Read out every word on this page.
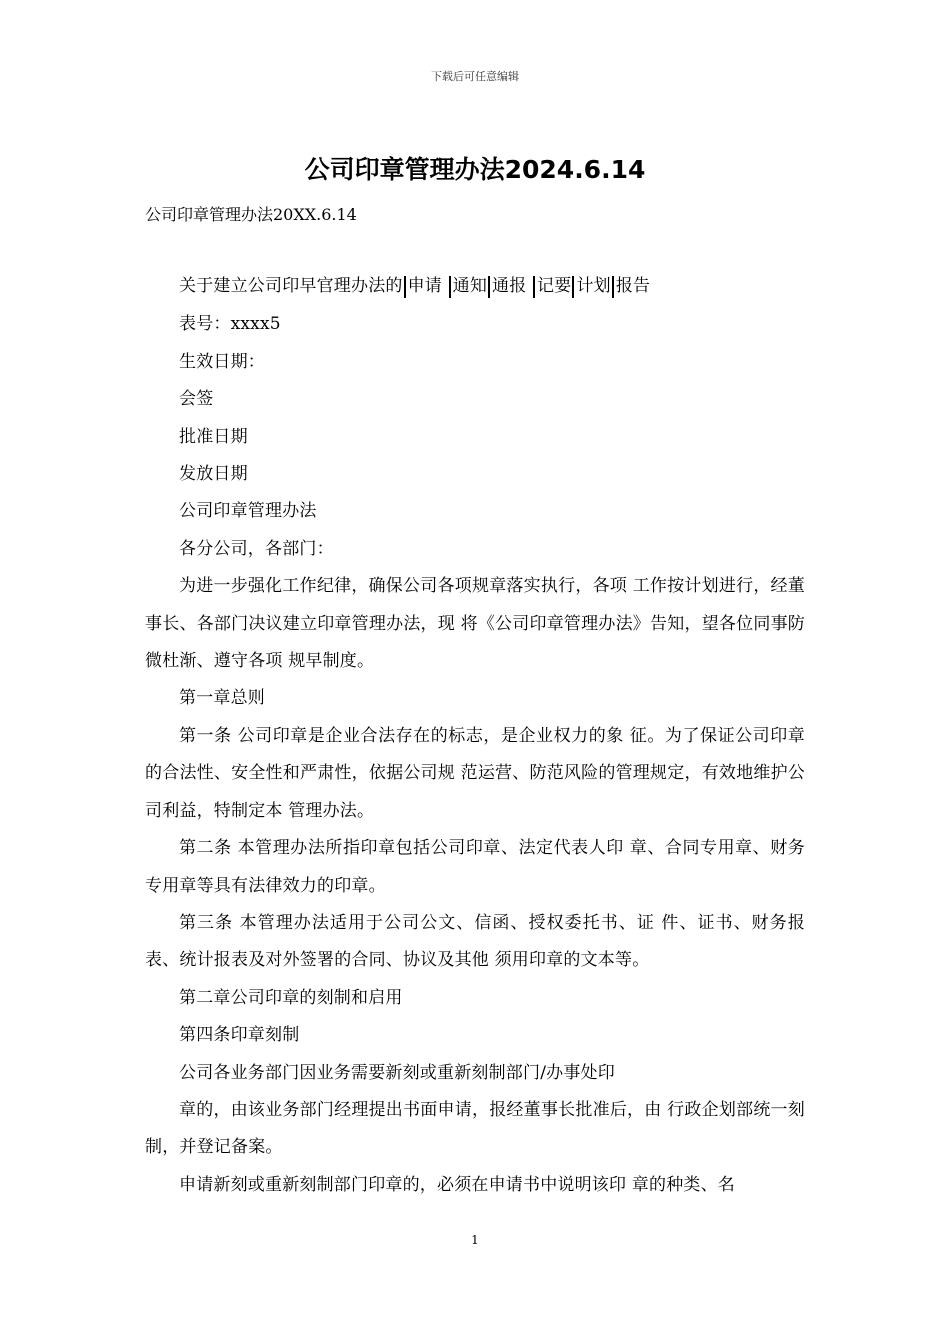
下载后可任意编辑
公司印章管理办法2024.6.14

公司印章管理办法20XX.6.14

关于建立公司印早官理办法的 申请 通知 通报 记要 计划 报告

表号：xxxx5

生效日期：

会签

批准日期

发放日期

公司印章管理办法

各分公司，各部门：

为进一步强化工作纪律，确保公司各项规章落实执行，各项 工作按计划进行，经董事长、各部门决议建立印章管理办法，现 将《公司印章管理办法》告知，望各位同事防微杜渐、遵守各项 规早制度。

第一章总则

第一条 公司印章是企业合法存在的标志，是企业权力的象 征。为了保证公司印章的合法性、安全性和严肃性，依据公司规 范运营、防范风险的管理规定，有效地维护公司利益，特制定本 管理办法。

第二条 本管理办法所指印章包括公司印章、法定代表人印 章、合同专用章、财务专用章等具有法律效力的印章。

第三条 本管理办法适用于公司公文、信函、授权委托书、证 件、证书、财务报表、统计报表及对外签署的合同、协议及其他 须用印章的文本等。

第二章公司印章的刻制和启用

第四条印章刻制

公司各业务部门因业务需要新刻或重新刻制部门/办事处印

章的，由该业务部门经理提出书面申请，报经董事长批准后，由 行政企划部统一刻制，并登记备案。

申请新刻或重新刻制部门印章的，必须在申请书中说明该印 章的种类、名

1
